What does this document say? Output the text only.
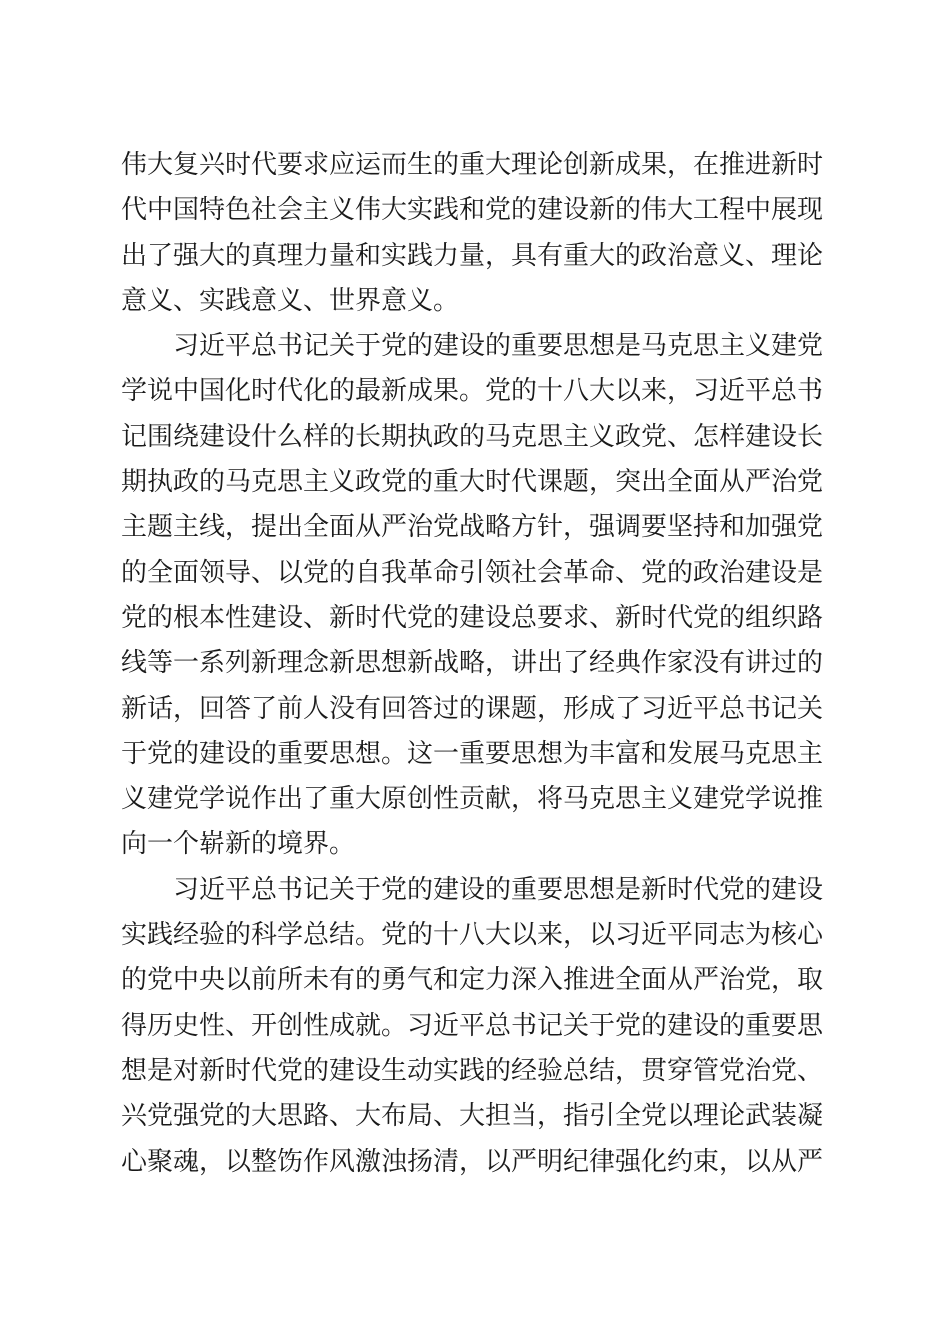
伟大复兴时代要求应运而生的重大理论创新成果，在推进新时
代中国特色社会主义伟大实践和党的建设新的伟大工程中展现
出了强大的真理力量和实践力量，具有重大的政治意义、理论
意义、实践意义、世界意义。
　　习近平总书记关于党的建设的重要思想是马克思主义建党
学说中国化时代化的最新成果。党的十八大以来，习近平总书
记围绕建设什么样的长期执政的马克思主义政党、怎样建设长
期执政的马克思主义政党的重大时代课题，突出全面从严治党
主题主线，提出全面从严治党战略方针，强调要坚持和加强党
的全面领导、以党的自我革命引领社会革命、党的政治建设是
党的根本性建设、新时代党的建设总要求、新时代党的组织路
线等一系列新理念新思想新战略，讲出了经典作家没有讲过的
新话，回答了前人没有回答过的课题，形成了习近平总书记关
于党的建设的重要思想。这一重要思想为丰富和发展马克思主
义建党学说作出了重大原创性贡献，将马克思主义建党学说推
向一个崭新的境界。
　　习近平总书记关于党的建设的重要思想是新时代党的建设
实践经验的科学总结。党的十八大以来，以习近平同志为核心
的党中央以前所未有的勇气和定力深入推进全面从严治党，取
得历史性、开创性成就。习近平总书记关于党的建设的重要思
想是对新时代党的建设生动实践的经验总结，贯穿管党治党、
兴党强党的大思路、大布局、大担当，指引全党以理论武装凝
心聚魂，以整饬作风激浊扬清，以严明纪律强化约束，以从严
